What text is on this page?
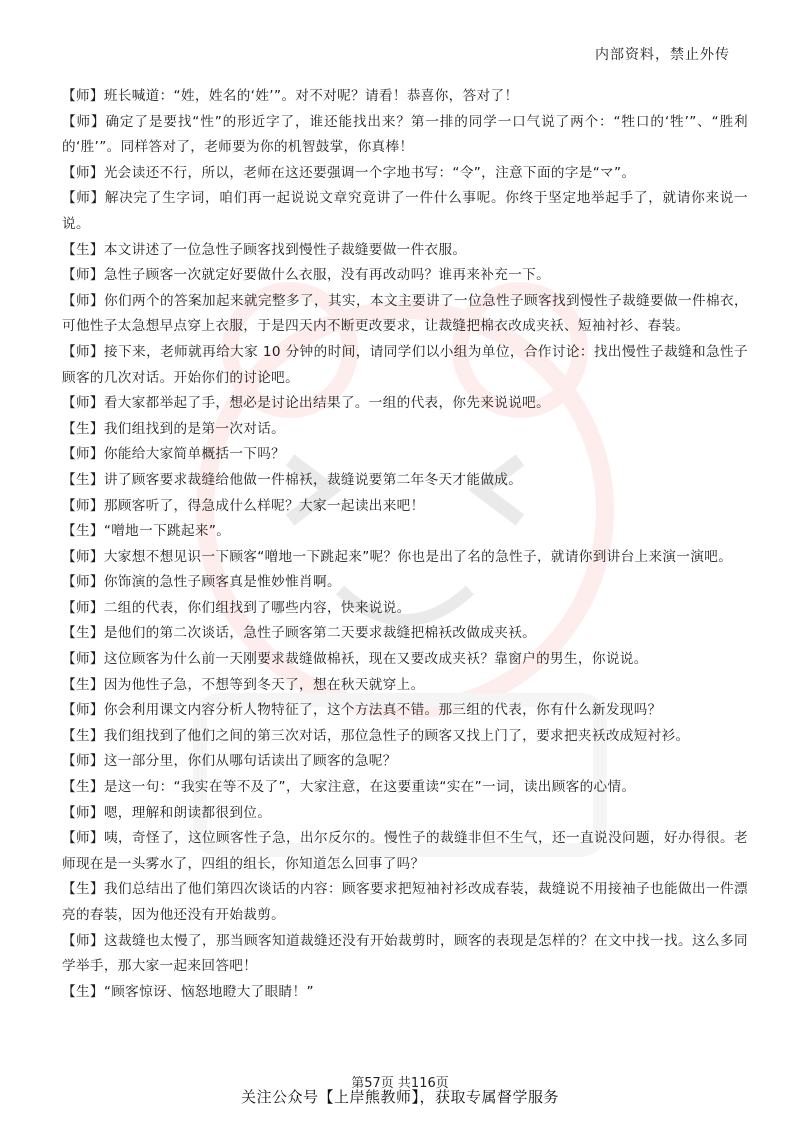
内部资料，禁止外传

【师】班长喊道：“姓，姓名的‘姓’”。对不对呢？请看！恭喜你，答对了！

【师】确定了是要找“性”的形近字了，谁还能找出来？第一排的同学一口气说了两个：“牲口的‘牲’”、“胜利的‘胜’”。同样答对了，老师要为你的机智鼓掌，你真棒！

【师】光会读还不行，所以，老师在这还要强调一个字地书写：“令”，注意下面的字是“マ”。

【师】解决完了生字词，咱们再一起说说文章究竟讲了一件什么事呢。你终于坚定地举起手了，就请你来说一说。

【生】本文讲述了一位急性子顾客找到慢性子裁缝要做一件衣服。

【师】急性子顾客一次就定好要做什么衣服，没有再改动吗？谁再来补充一下。

【师】你们两个的答案加起来就完整多了，其实，本文主要讲了一位急性子顾客找到慢性子裁缝要做一件棉衣，可他性子太急想早点穿上衣服，于是四天内不断更改要求，让裁缝把棉衣改成夹袄、短袖衬衫、春装。

【师】接下来，老师就再给大家 10 分钟的时间，请同学们以小组为单位，合作讨论：找出慢性子裁缝和急性子顾客的几次对话。开始你们的讨论吧。

【师】看大家都举起了手，想必是讨论出结果了。一组的代表，你先来说说吧。

【生】我们组找到的是第一次对话。

【师】你能给大家简单概括一下吗？

【生】讲了顾客要求裁缝给他做一件棉袄，裁缝说要第二年冬天才能做成。

【师】那顾客听了，得急成什么样呢？大家一起读出来吧！

【生】“噌地一下跳起来”。

【师】大家想不想见识一下顾客“噌地一下跳起来”呢？你也是出了名的急性子，就请你到讲台上来演一演吧。

【师】你饰演的急性子顾客真是惟妙惟肖啊。

【师】二组的代表，你们组找到了哪些内容，快来说说。

【生】是他们的第二次谈话，急性子顾客第二天要求裁缝把棉袄改做成夹袄。

【师】这位顾客为什么前一天刚要求裁缝做棉袄，现在又要改成夹袄？靠窗户的男生，你说说。

【生】因为他性子急，不想等到冬天了，想在秋天就穿上。

【师】你会利用课文内容分析人物特征了，这个方法真不错。那三组的代表，你有什么新发现吗？

【生】我们组找到了他们之间的第三次对话，那位急性子的顾客又找上门了，要求把夹袄改成短衬衫。

【师】这一部分里，你们从哪句话读出了顾客的急呢？

【生】是这一句：“我实在等不及了”，大家注意，在这要重读“实在”一词，读出顾客的心情。

【师】嗯，理解和朗读都很到位。

【师】咦，奇怪了，这位顾客性子急，出尔反尔的。慢性子的裁缝非但不生气，还一直说没问题，好办得很。老师现在是一头雾水了，四组的组长，你知道怎么回事了吗？

【生】我们总结出了他们第四次谈话的内容：顾客要求把短袖衬衫改成春装，裁缝说不用接袖子也能做出一件漂亮的春装，因为他还没有开始裁剪。

【师】这裁缝也太慢了，那当顾客知道裁缝还没有开始裁剪时，顾客的表现是怎样的？在文中找一找。这么多同学举手，那大家一起来回答吧！

【生】“顾客惊讶、恼怒地瞪大了眼睛！”

第57页 共116页
关注公众号【上岸熊教师】，获取专属督学服务
